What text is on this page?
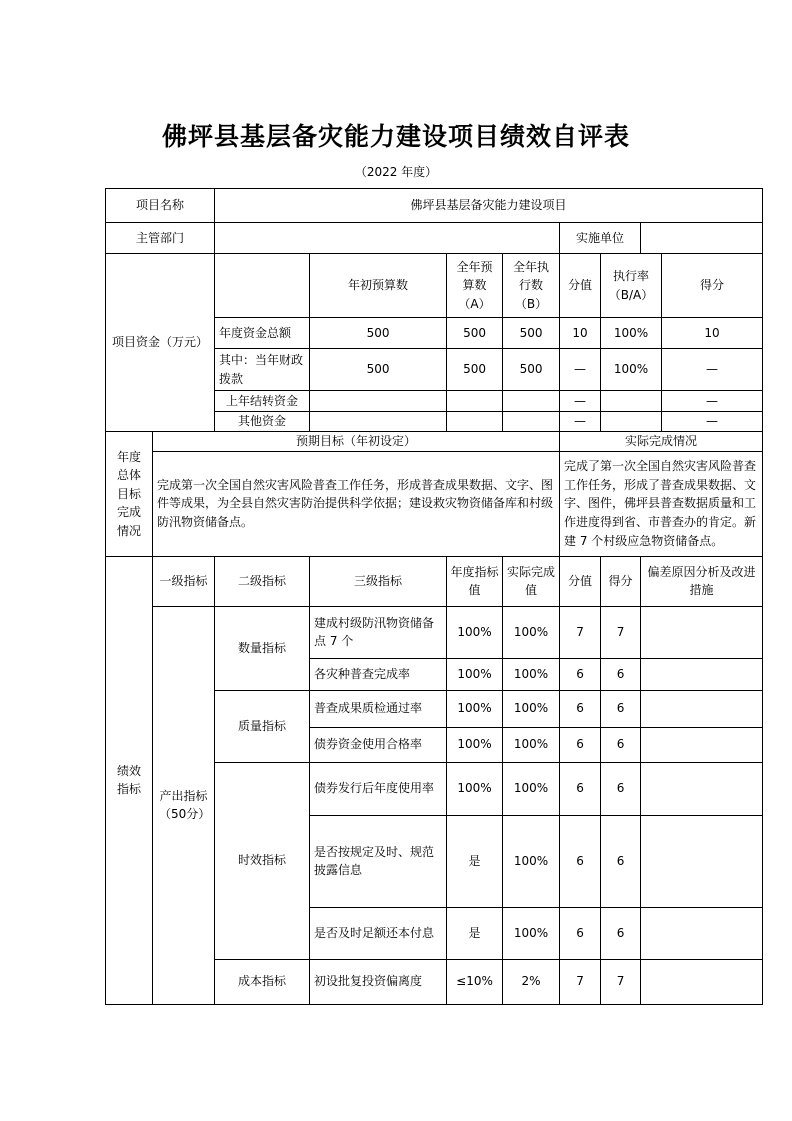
佛坪县基层备灾能力建设项目绩效自评表
（2022 年度）
项目名称		佛坪县基层备灾能力建设项目							
主管部门						实施单位			
项目资金（万元）			年初预算数	全年预算数（A）	全年执行数（B）	分值	执行率（B/A）		得分
		年度资金总额	500	500	500	10	100%		10
		其中：当年财政拨款	500	500	500	—	100%		—
		上年结转资金				—			—
		其他资金				—			—
年度总体目标完成情况	预期目标（年初设定）					实际完成情况			
	完成第一次全国自然灾害风险普查工作任务，形成普查成果数据、文字、图件等成果，为全县自然灾害防治提供科学依据；建设救灾物资储备库和村级防汛物资储备点。					完成了第一次全国自然灾害风险普查工作任务，形成了普查成果数据、文字、图件，佛坪县普查数据质量和工作进度得到省、市普查办的肯定。新建 7 个村级应急物资储备点。			
绩效指标	一级指标	二级指标	三级指标	年度指标值	实际完成值	分值	得分	偏差原因分析及改进措施	
	产出指标（50分）	数量指标	建成村级防汛物资储备点 7 个	100%	100%	7	7		
			各灾种普查完成率	100%	100%	6	6		
		质量指标	普查成果质检通过率	100%	100%	6	6		
			债券资金使用合格率	100%	100%	6	6		
		时效指标	债券发行后年度使用率	100%	100%	6	6		
			是否按规定及时、规范披露信息	是	100%	6	6		
			是否及时足额还本付息	是	100%	6	6		
		成本指标	初设批复投资偏离度	≤10%	2%	7	7		
